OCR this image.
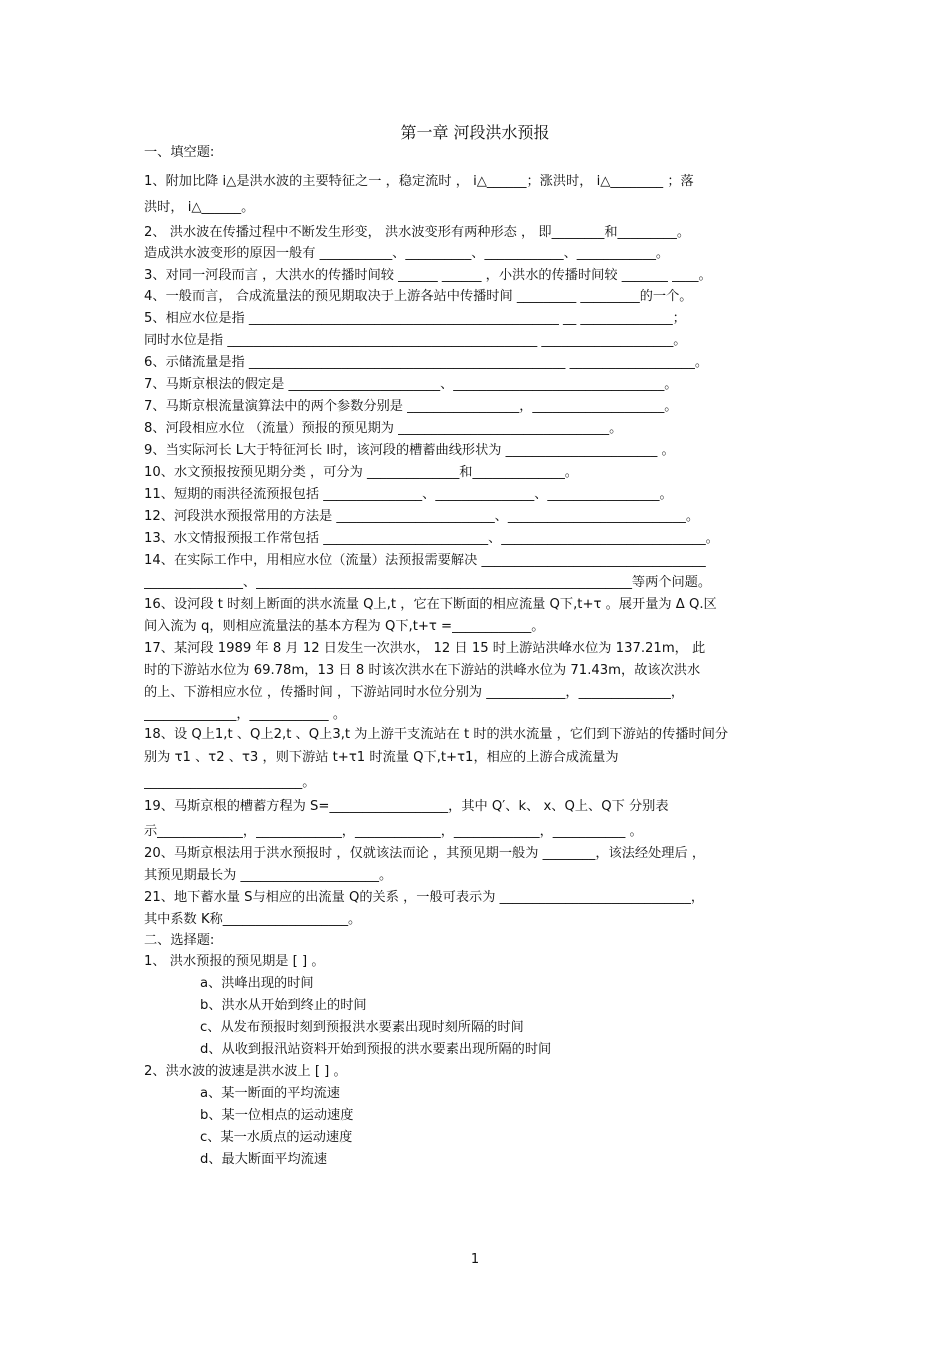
第一章 河段洪水预报
一、填空题:
1、附加比降 i△是洪水波的主要特征之一 ，稳定流时 ， i△______；涨洪时， i△________ ；落
洪时， i△______。
2、 洪水波在传播过程中不断发生形变， 洪水波变形有两种形态 ， 即________和_________。
造成洪水波变形的原因一般有 ___________、__________、____________、____________。
3、对同一河段而言 ，大洪水的传播时间较 ______ ______ ，小洪水的传播时间较 _______ ____。
4、一般而言， 合成流量法的预见期取决于上游各站中传播时间 _________ _________的一个。
5、相应水位是指 _______________________________________________ __ ______________；
同时水位是指 _______________________________________________ ____________________。
6、示储流量是指 ________________________________________________ ___________________。
7、马斯京根法的假定是 _______________________、________________________________。
7、马斯京根流量演算法中的两个参数分别是 _________________，____________________。
8、河段相应水位 （流量）预报的预见期为 ________________________________。
9、当实际河长 L大于特征河长 l时，该河段的槽蓄曲线形状为 _______________________ 。
10、水文预报按预见期分类 ，可分为 ______________和______________。
11、短期的雨洪径流预报包括 _______________、_______________、_________________。
12、河段洪水预报常用的方法是 ________________________、___________________________。
13、水文情报预报工作常包括 _________________________、_______________________________。
14、在实际工作中，用相应水位（流量）法预报需要解决 __________________________________
_______________、_________________________________________________________等两个问题。
16、设河段 t 时刻上断面的洪水流量 Q上,t ，它在下断面的相应流量 Q下,t+τ 。展开量为 Δ Q.区
间入流为 q，则相应流量法的基本方程为 Q下,t+τ =____________。
17、某河段 1989 年 8 月 12 日发生一次洪水， 12 日 15 时上游站洪峰水位为 137.21m， 此
时的下游站水位为 69.78m，13 日 8 时该次洪水在下游站的洪峰水位为 71.43m，故该次洪水
的上、下游相应水位 ，传播时间 ，下游站同时水位分别为 ____________，______________，
______________，____________ 。
18、设 Q上1,t 、Q上2,t 、Q上3,t 为上游干支流站在 t 时的洪水流量 ，它们到下游站的传播时间分
别为 τ1 、τ2 、τ3 ，则下游站 t+τ1 时流量 Q下,t+τ1，相应的上游合成流量为
________________________。
19、马斯京根的槽蓄方程为 S=__________________，其中 Q′、k、 x、Q上、Q下 分别表
示_____________，_____________，_____________，_____________，___________ 。
20、马斯京根法用于洪水预报时 ，仅就该法而论 ，其预见期一般为 ________，该法经处理后 ，
其预见期最长为 _____________________。
21、地下蓄水量 S与相应的出流量 Q的关系 ，一般可表示为 _____________________________，
其中系数 K称___________________。
二、选择题:
1、 洪水预报的预见期是 [ ] 。
a、洪峰出现的时间
b、洪水从开始到终止的时间
c、从发布预报时刻到预报洪水要素出现时刻所隔的时间
d、从收到报汛站资料开始到预报的洪水要素出现所隔的时间
2、洪水波的波速是洪水波上 [ ] 。
a、某一断面的平均流速
b、某一位相点的运动速度
c、某一水质点的运动速度
d、最大断面平均流速
1
